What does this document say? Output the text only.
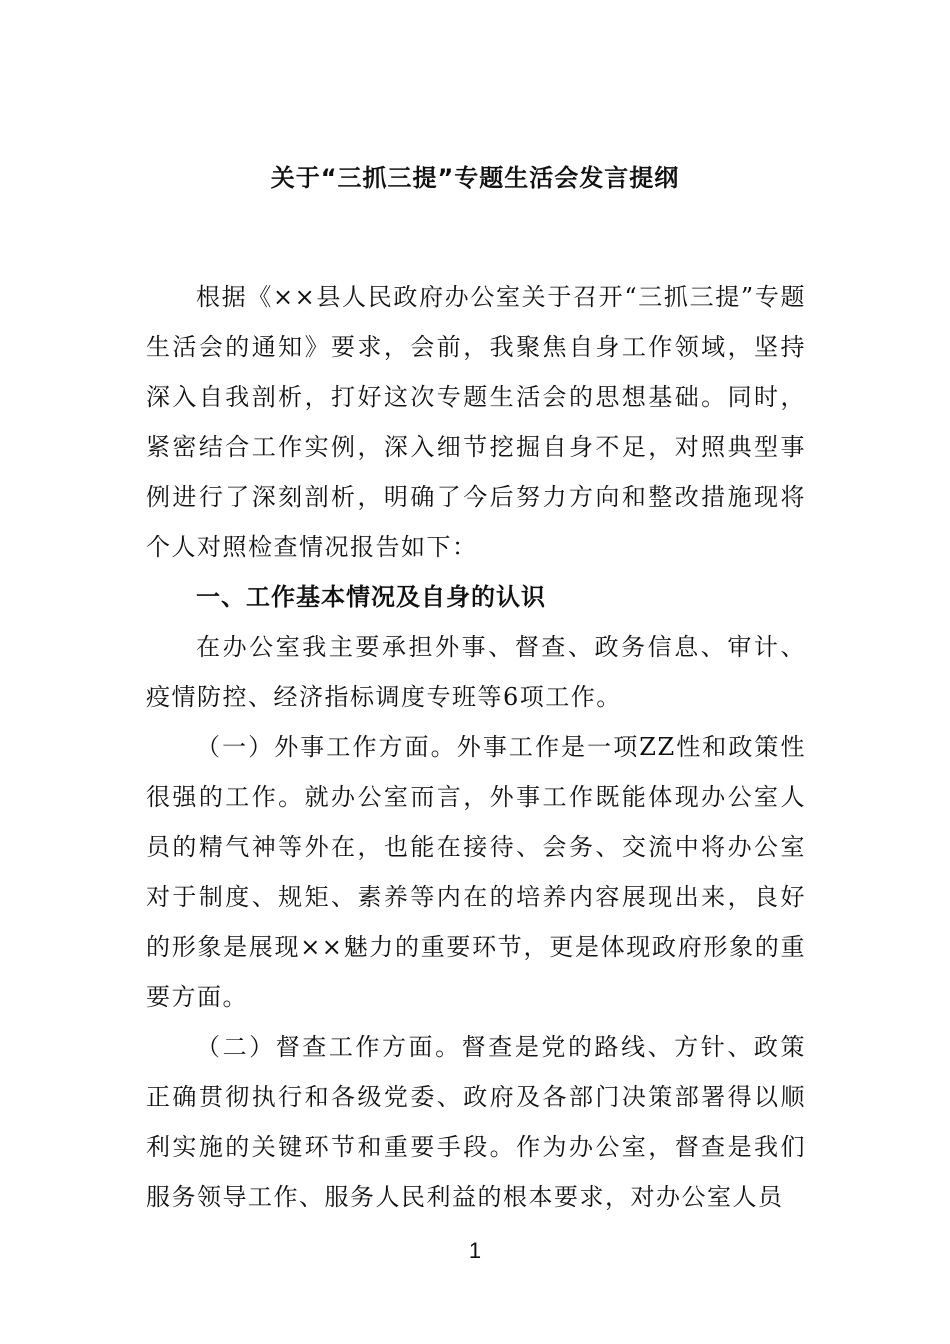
关于“三抓三提”专题生活会发言提纲

根据《××县人民政府办公室关于召开“三抓三提”专题生活会的通知》要求，会前，我聚焦自身工作领域，坚持深入自我剖析，打好这次专题生活会的思想基础。同时，紧密结合工作实例，深入细节挖掘自身不足，对照典型事例进行了深刻剖析，明确了今后努力方向和整改措施现将个人对照检查情况报告如下：

一、工作基本情况及自身的认识

在办公室我主要承担外事、督查、政务信息、审计、疫情防控、经济指标调度专班等6项工作。

（一）外事工作方面。外事工作是一项ZZ性和政策性很强的工作。就办公室而言，外事工作既能体现办公室人员的精气神等外在，也能在接待、会务、交流中将办公室对于制度、规矩、素养等内在的培养内容展现出来，良好的形象是展现××魅力的重要环节，更是体现政府形象的重要方面。

（二）督查工作方面。督查是党的路线、方针、政策正确贯彻执行和各级党委、政府及各部门决策部署得以顺利实施的关键环节和重要手段。作为办公室，督查是我们服务领导工作、服务人民利益的根本要求，对办公室人员

1
